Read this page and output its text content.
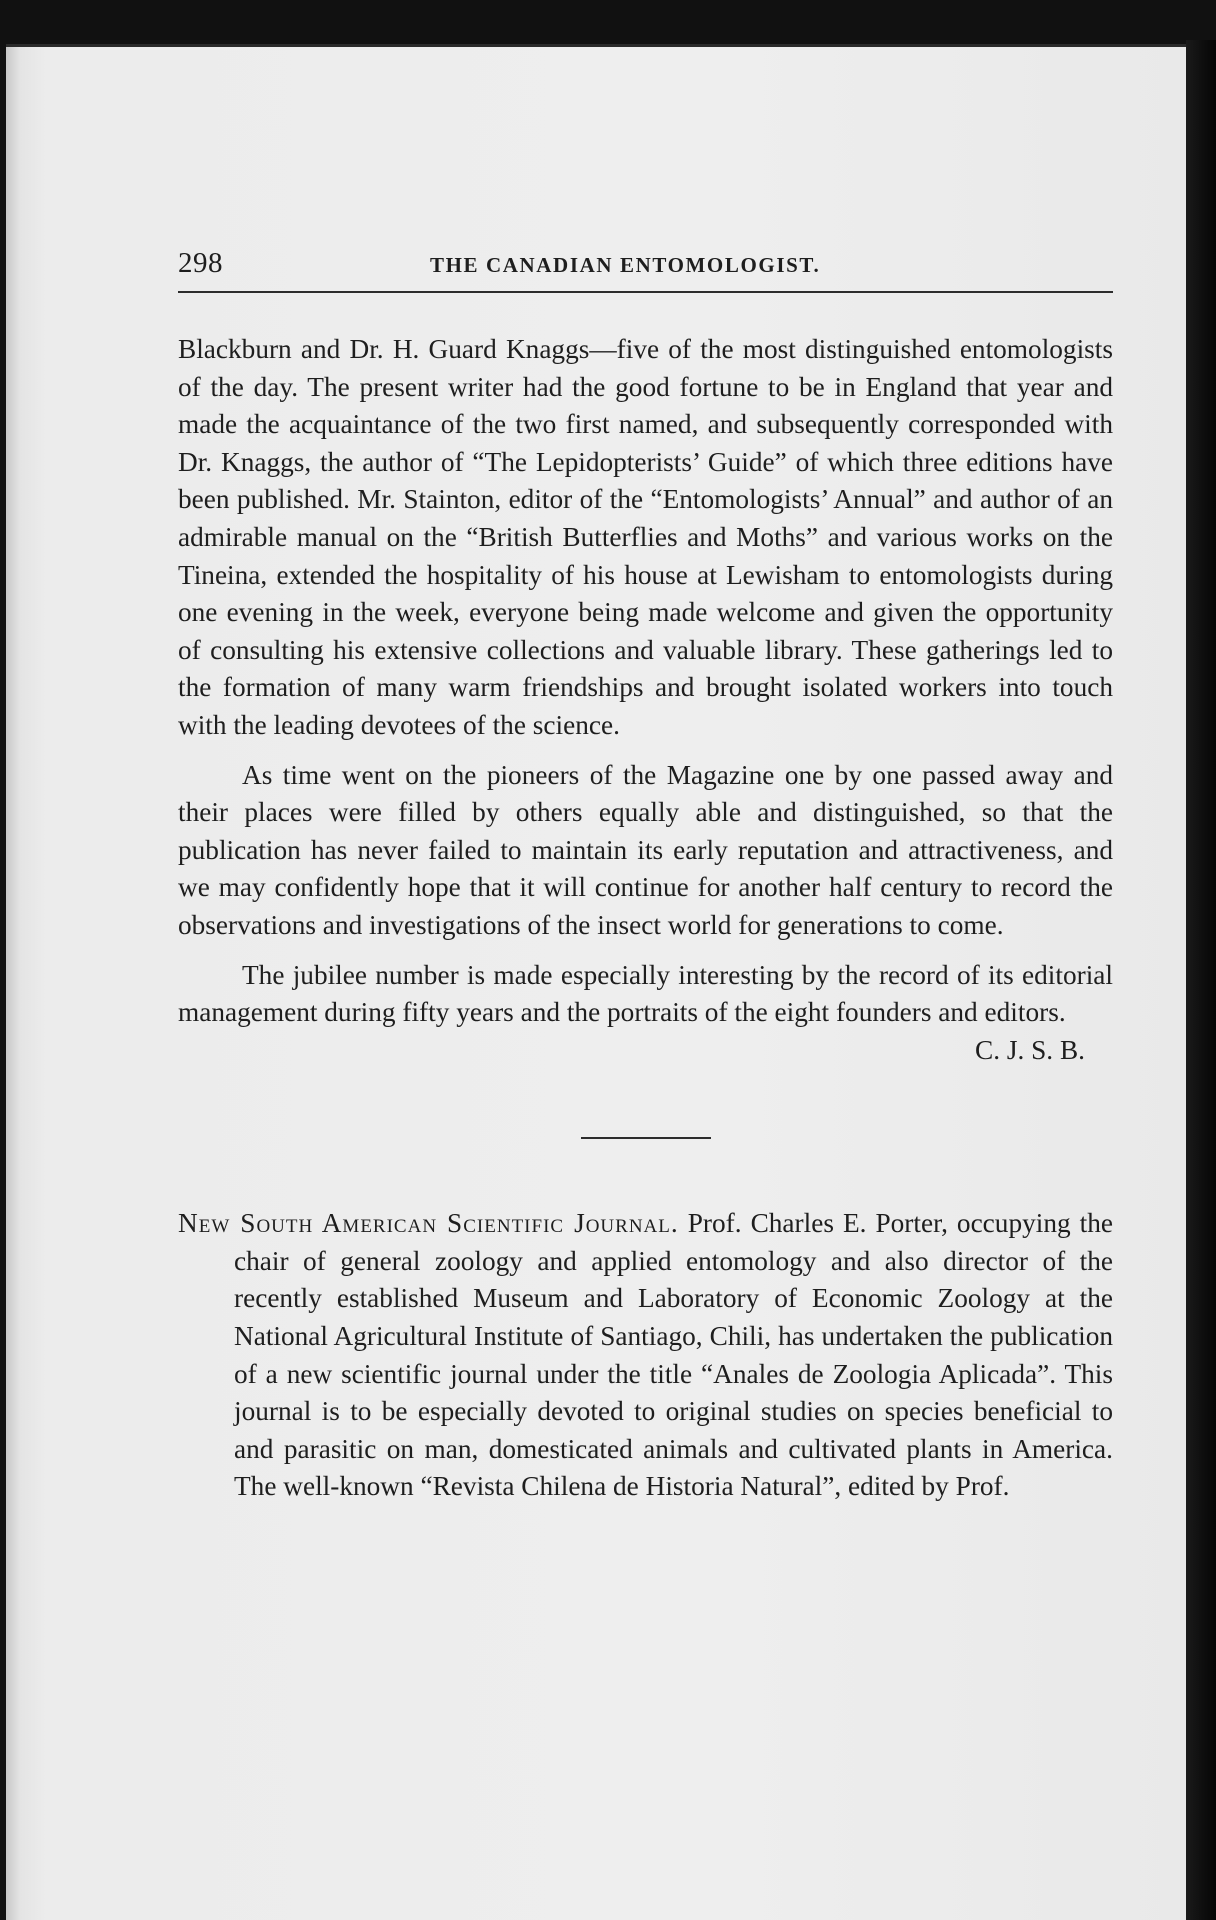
298	THE CANADIAN ENTOMOLOGIST.

Blackburn and Dr. H. Guard Knaggs—five of the most distinguished entomologists of the day. The present writer had the good fortune to be in England that year and made the acquaintance of the two first named, and subsequently corresponded with Dr. Knaggs, the author of “The Lepidopterists’ Guide” of which three editions have been published. Mr. Stainton, editor of the “Entomologists’ Annual” and author of an admirable manual on the “British Butterflies and Moths” and various works on the Tineina, extended the hospitality of his house at Lewisham to entomologists during one evening in the week, everyone being made welcome and given the opportunity of consulting his extensive collections and valuable library. These gatherings led to the formation of many warm friendships and brought isolated workers into touch with the leading devotees of the science.

As time went on the pioneers of the Magazine one by one passed away and their places were filled by others equally able and distinguished, so that the publication has never failed to maintain its early reputation and attractiveness, and we may confidently hope that it will continue for another half century to record the observations and investigations of the insect world for generations to come.

The jubilee number is made especially interesting by the record of its editorial management during fifty years and the portraits of the eight founders and editors.
C. J. S. B.

New South American Scientific Journal. Prof. Charles E. Porter, occupying the chair of general zoology and applied entomology and also director of the recently established Museum and Laboratory of Economic Zoology at the National Agricultural Institute of Santiago, Chili, has undertaken the publication of a new scientific journal under the title “Anales de Zoologia Aplicada”. This journal is to be especially devoted to original studies on species beneficial to and parasitic on man, domesticated animals and cultivated plants in America. The well-known “Revista Chilena de Historia Natural”, edited by Prof.
